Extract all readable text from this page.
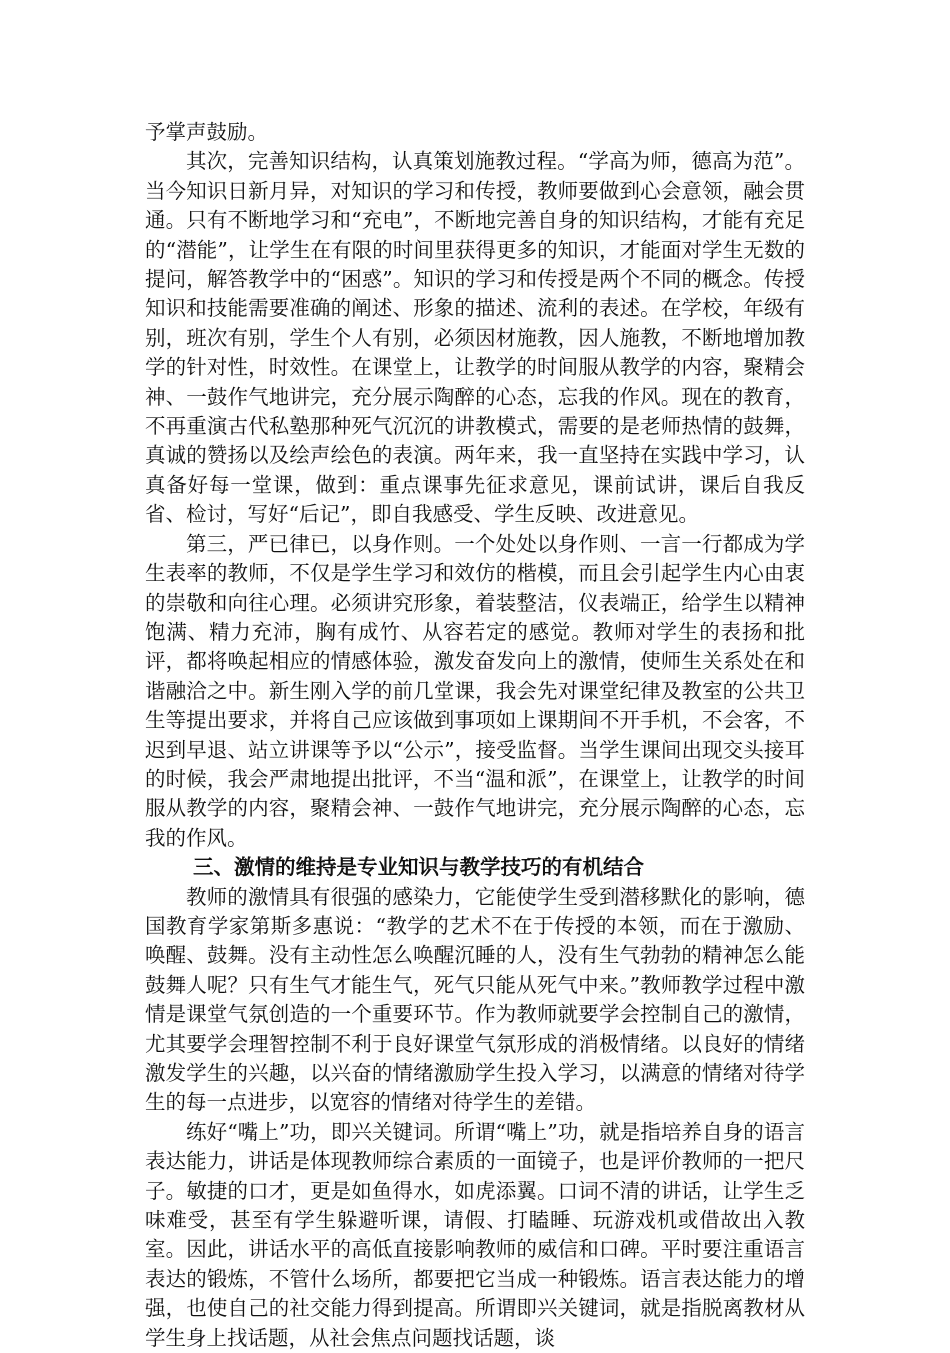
予掌声鼓励。

其次，完善知识结构，认真策划施教过程。“学高为师，德高为范”。当今知识日新月异，对知识的学习和传授，教师要做到心会意领，融会贯通。只有不断地学习和“充电”，不断地完善自身的知识结构，才能有充足的“潜能”，让学生在有限的时间里获得更多的知识，才能面对学生无数的提问，解答教学中的“困惑”。知识的学习和传授是两个不同的概念。传授知识和技能需要准确的阐述、形象的描述、流利的表述。在学校，年级有别，班次有别，学生个人有别，必须因材施教，因人施教，不断地增加教学的针对性，时效性。在课堂上，让教学的时间服从教学的内容，聚精会神、一鼓作气地讲完，充分展示陶醉的心态，忘我的作风。现在的教育，不再重演古代私塾那种死气沉沉的讲教模式，需要的是老师热情的鼓舞，真诚的赞扬以及绘声绘色的表演。两年来，我一直坚持在实践中学习，认真备好每一堂课，做到：重点课事先征求意见，课前试讲，课后自我反省、检讨，写好“后记”，即自我感受、学生反映、改进意见。

第三，严已律已，以身作则。一个处处以身作则、一言一行都成为学生表率的教师，不仅是学生学习和效仿的楷模，而且会引起学生内心由衷的崇敬和向往心理。必须讲究形象，着装整洁，仪表端正，给学生以精神饱满、精力充沛，胸有成竹、从容若定的感觉。教师对学生的表扬和批评，都将唤起相应的情感体验，激发奋发向上的激情，使师生关系处在和谐融洽之中。新生刚入学的前几堂课，我会先对课堂纪律及教室的公共卫生等提出要求，并将自己应该做到事项如上课期间不开手机，不会客，不迟到早退、站立讲课等予以“公示”，接受监督。当学生课间出现交头接耳的时候，我会严肃地提出批评，不当“温和派”，在课堂上，让教学的时间服从教学的内容，聚精会神、一鼓作气地讲完，充分展示陶醉的心态，忘我的作风。

三、激情的维持是专业知识与教学技巧的有机结合

教师的激情具有很强的感染力，它能使学生受到潜移默化的影响，德国教育学家第斯多惠说：“教学的艺术不在于传授的本领，而在于激励、唤醒、鼓舞。没有主动性怎么唤醒沉睡的人，没有生气勃勃的精神怎么能鼓舞人呢？只有生气才能生气，死气只能从死气中来。”教师教学过程中激情是课堂气氛创造的一个重要环节。作为教师就要学会控制自己的激情，尤其要学会理智控制不利于良好课堂气氛形成的消极情绪。以良好的情绪激发学生的兴趣，以兴奋的情绪激励学生投入学习，以满意的情绪对待学生的每一点进步，以宽容的情绪对待学生的差错。

练好“嘴上”功，即兴关键词。所谓“嘴上”功，就是指培养自身的语言表达能力，讲话是体现教师综合素质的一面镜子，也是评价教师的一把尺子。敏捷的口才，更是如鱼得水，如虎添翼。口词不清的讲话，让学生乏味难受，甚至有学生躲避听课，请假、打瞌睡、玩游戏机或借故出入教室。因此，讲话水平的高低直接影响教师的威信和口碑。平时要注重语言表达的锻炼，不管什么场所，都要把它当成一种锻炼。语言表达能力的增强，也使自己的社交能力得到提高。所谓即兴关键词，就是指脱离教材从学生身上找话题，从社会焦点问题找话题，谈
